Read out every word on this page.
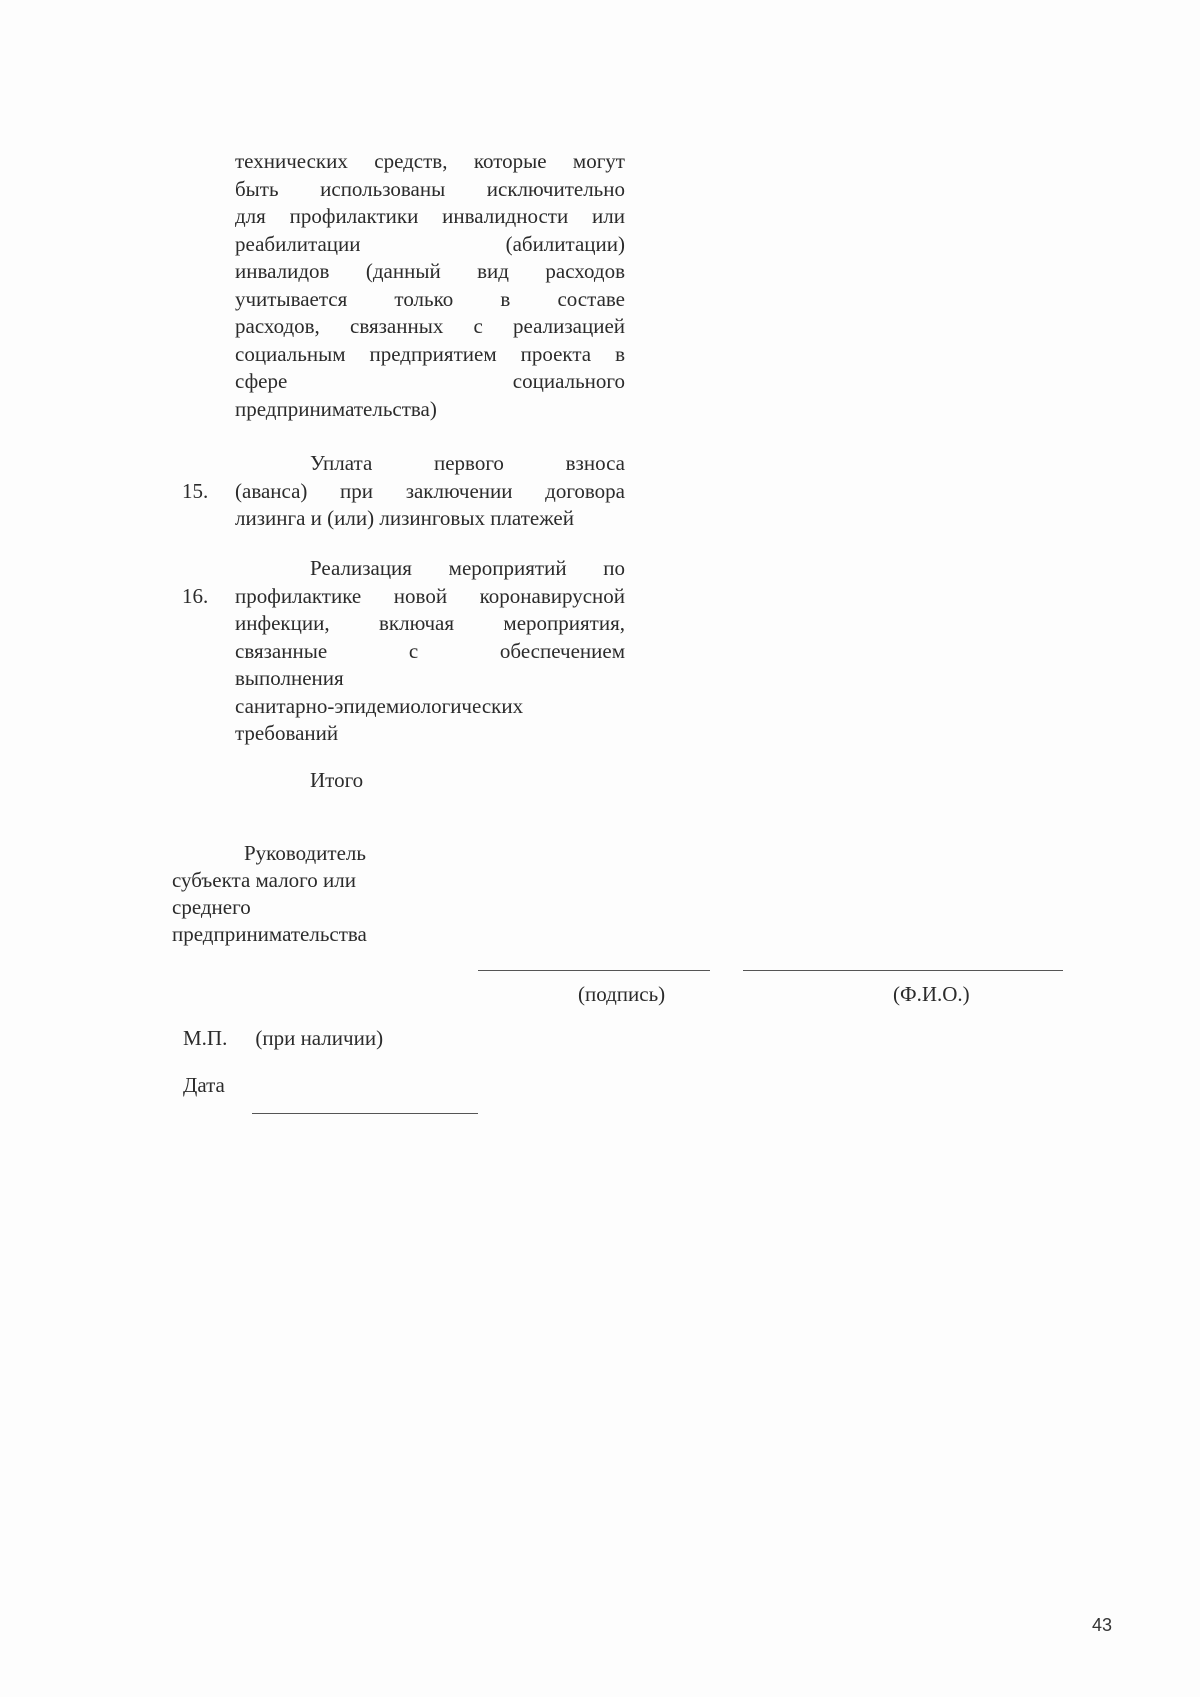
технических средств, которые могут
быть использованы исключительно
для профилактики инвалидности или
реабилитации (абилитации)
инвалидов (данный вид расходов
учитывается только в составе
расходов, связанных с реализацией
социальным предприятием проекта в
сфере социального
предпринимательства)
15.
Уплата первого взноса
(аванса) при заключении договора
лизинга и (или) лизинговых платежей
16.
Реализация мероприятий по
профилактике новой коронавирусной
инфекции, включая мероприятия,
связанные с обеспечением
выполнения
санитарно-эпидемиологических
требований
Итого
Руководитель
субъекта малого или
среднего
предпринимательства
(подпись)	(Ф.И.О.)
М.П. (при наличии)
Дата
43
